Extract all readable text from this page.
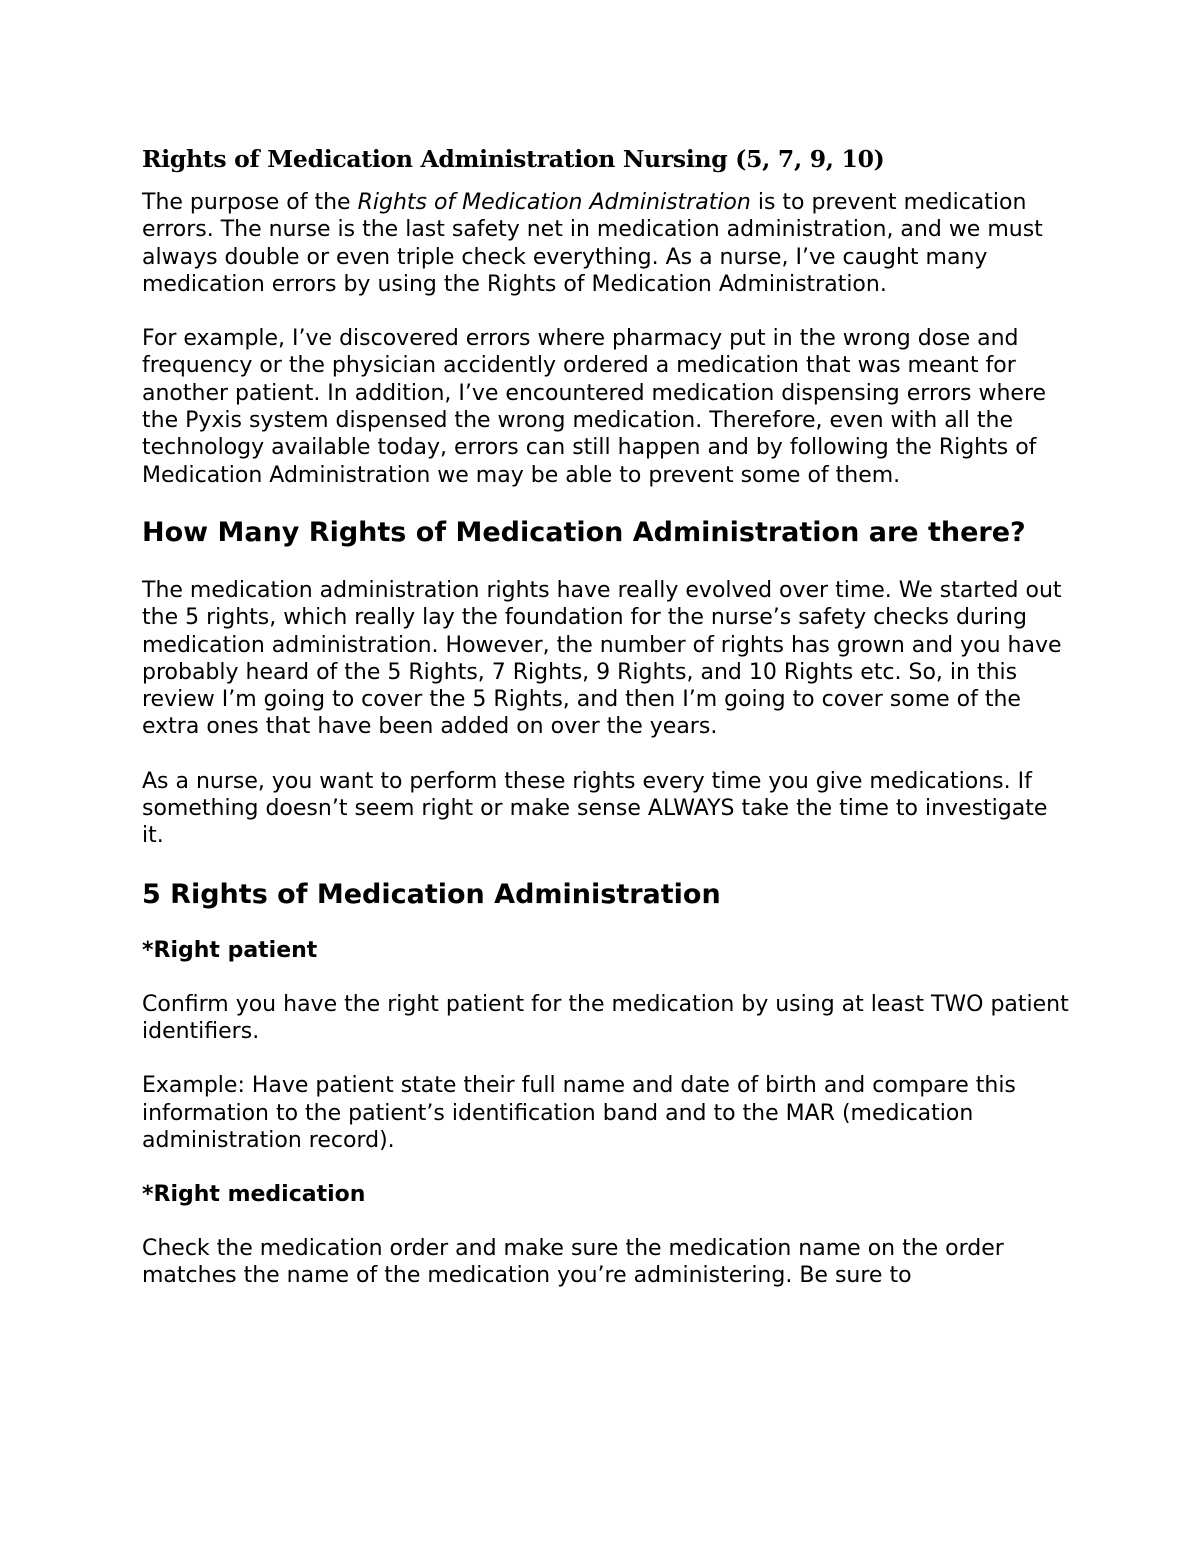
Rights of Medication Administration Nursing (5, 7, 9, 10)

The purpose of the Rights of Medication Administration is to prevent medication errors. The nurse is the last safety net in medication administration, and we must always double or even triple check everything. As a nurse, I’ve caught many medication errors by using the Rights of Medication Administration.

For example, I’ve discovered errors where pharmacy put in the wrong dose and frequency or the physician accidently ordered a medication that was meant for another patient. In addition, I’ve encountered medication dispensing errors where the Pyxis system dispensed the wrong medication. Therefore, even with all the technology available today, errors can still happen and by following the Rights of Medication Administration we may be able to prevent some of them.

How Many Rights of Medication Administration are there?

The medication administration rights have really evolved over time. We started out the 5 rights, which really lay the foundation for the nurse’s safety checks during medication administration. However, the number of rights has grown and you have probably heard of the 5 Rights, 7 Rights, 9 Rights, and 10 Rights etc. So, in this review I’m going to cover the 5 Rights, and then I’m going to cover some of the extra ones that have been added on over the years.

As a nurse, you want to perform these rights every time you give medications. If something doesn’t seem right or make sense ALWAYS take the time to investigate it.

5 Rights of Medication Administration
*Right patient

Confirm you have the right patient for the medication by using at least TWO patient identifiers.

Example: Have patient state their full name and date of birth and compare this information to the patient’s identification band and to the MAR (medication administration record).

*Right medication

Check the medication order and make sure the medication name on the order matches the name of the medication you’re administering. Be sure to
